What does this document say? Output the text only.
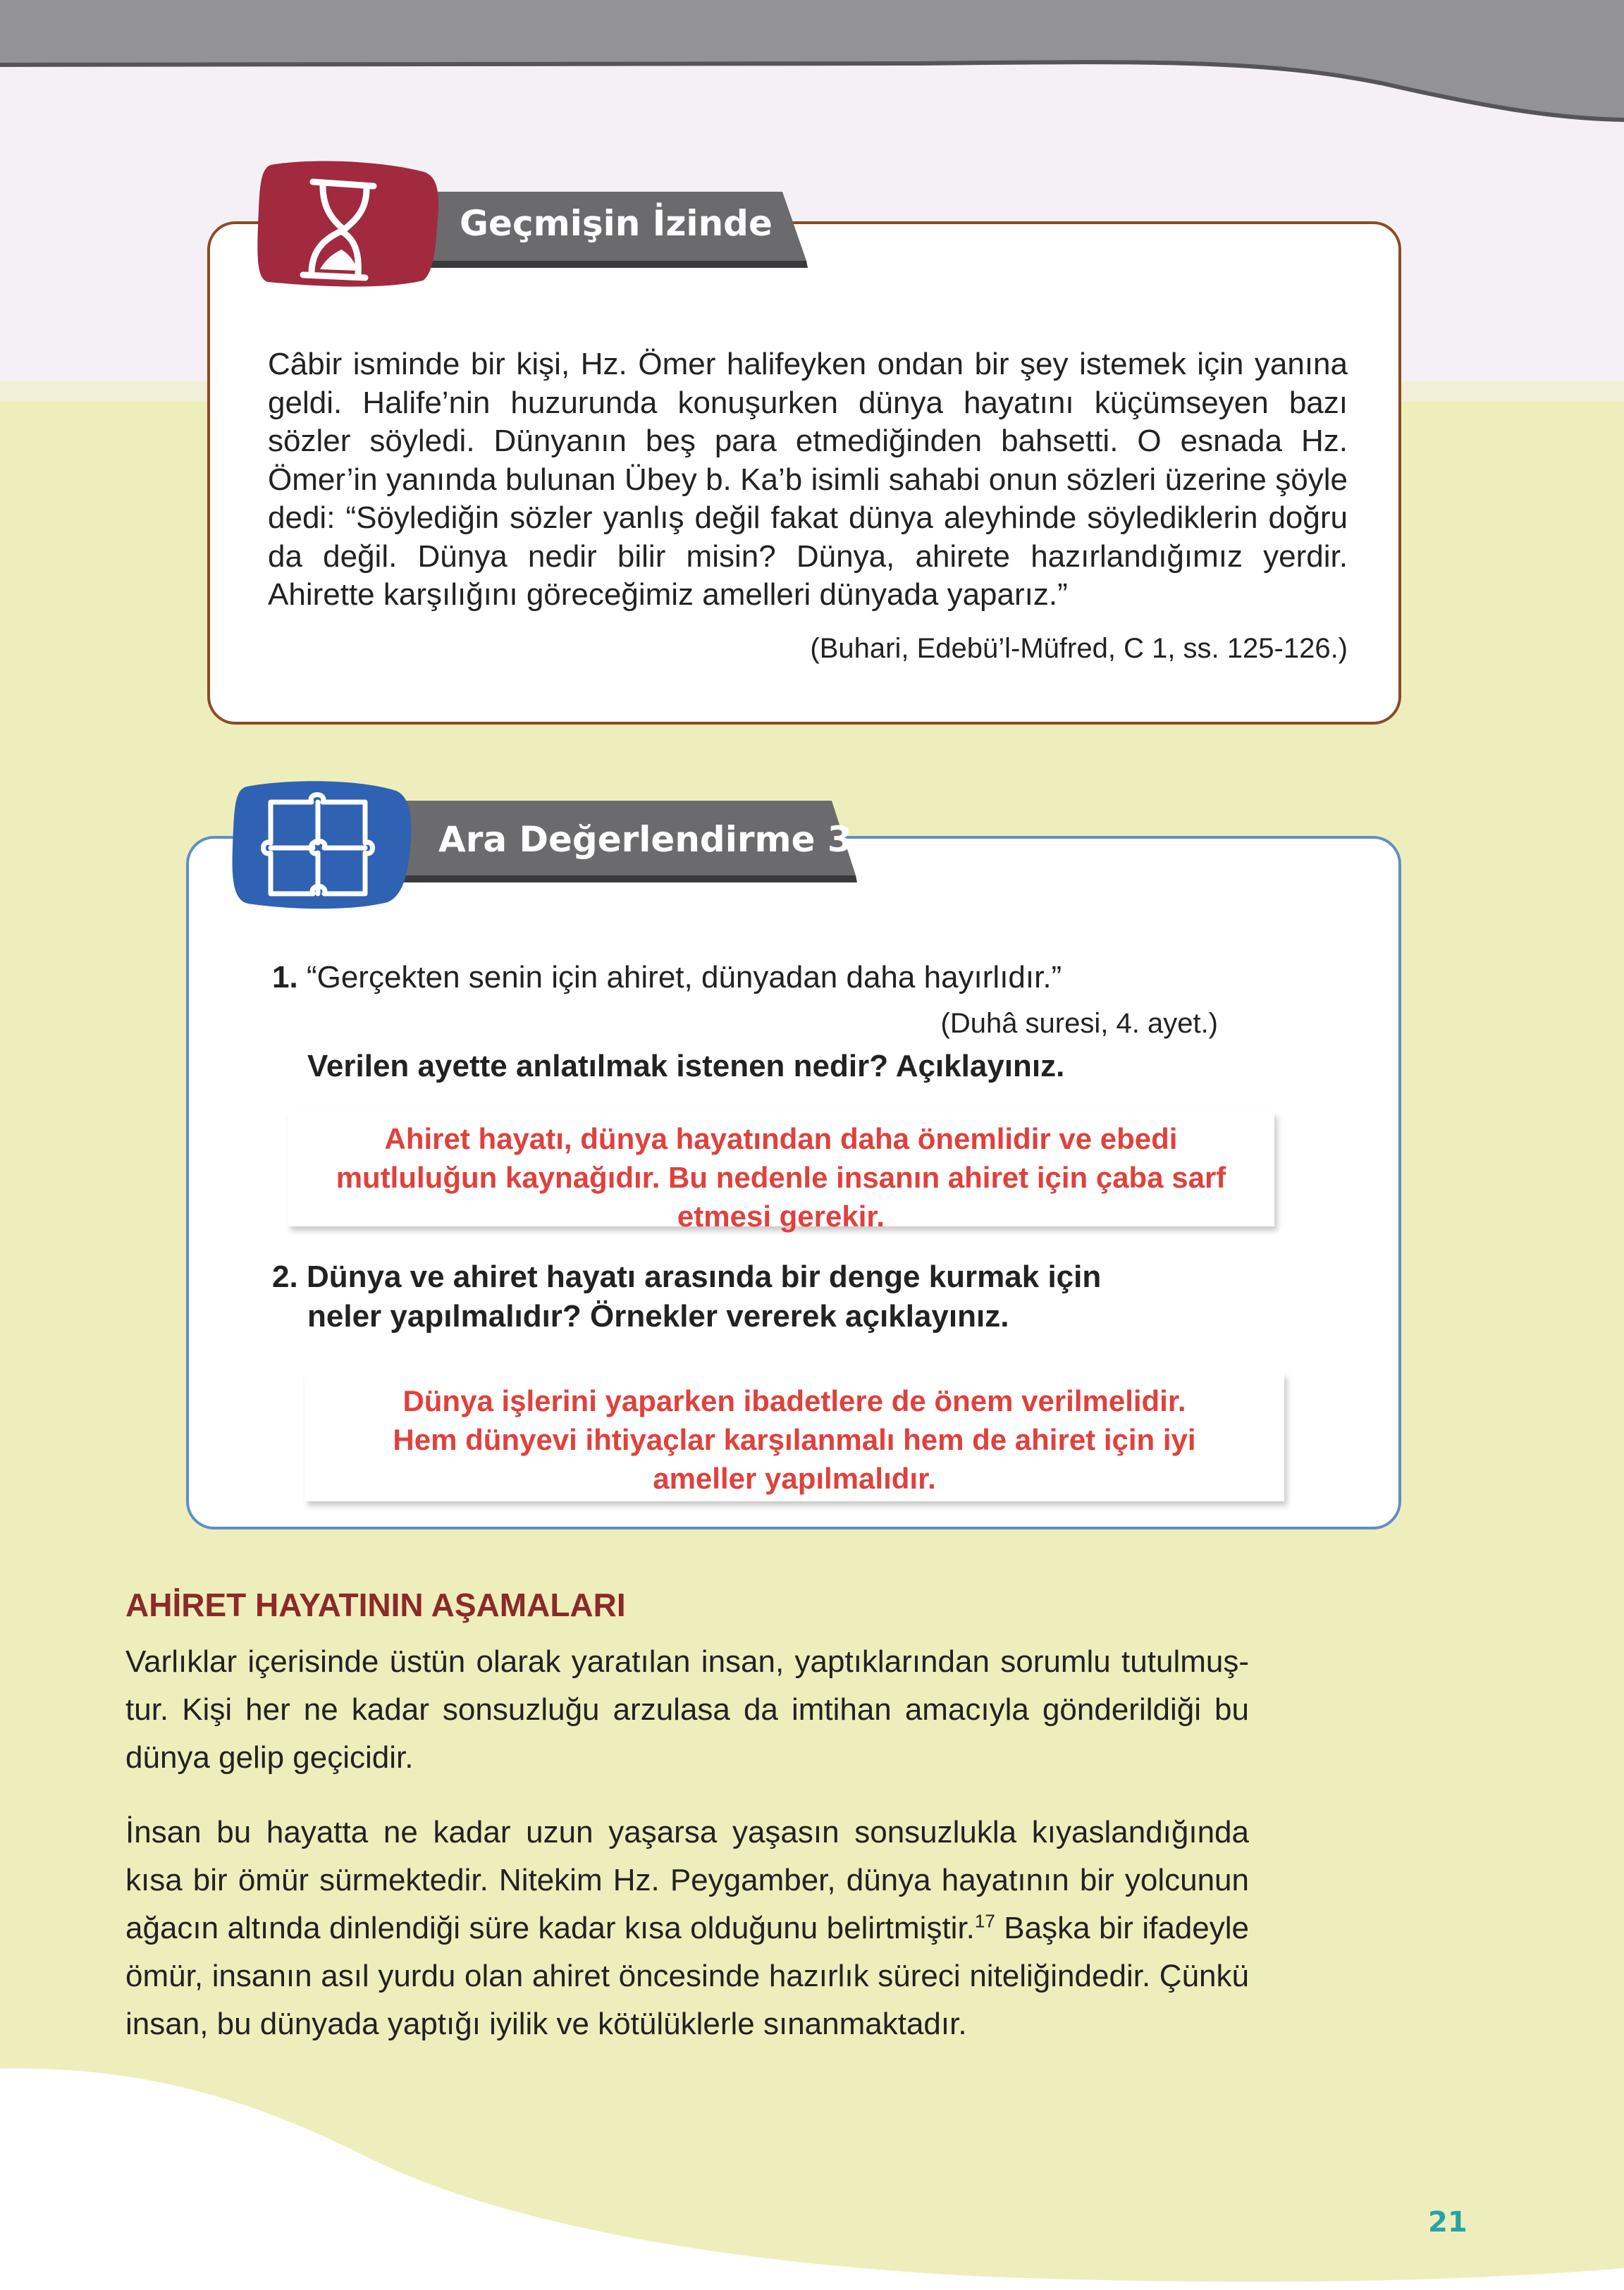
Câbir isminde bir kişi, Hz. Ömer halifeyken ondan bir şey istemek için yanına geldi. Halife’nin huzurunda konuşurken dünya hayatını küçümseyen bazı sözler söyledi. Dünyanın beş para etmediğinden bahsetti. O esnada Hz. Ömer’in yanında bulunan Übey b. Ka’b isimli sahabi onun sözleri üzerine şöyle dedi: “Söylediğin sözler yanlış değil fakat dünya aleyhinde söylediklerin doğru da değil. Dünya nedir bilir misin? Dünya, ahirete hazırlandığımız yerdir. Ahirette karşılığını göreceğimiz amelleri dünyada yaparız.”
(Buhari, Edebü’l-Müfred, C 1, ss. 125-126.)
Geçmişin İzinde
1. “Gerçekten senin için ahiret, dünyadan daha hayırlıdır.”
(Duhâ suresi, 4. ayet.)
Verilen ayette anlatılmak istenen nedir? Açıklayınız.
Ahiret hayatı, dünya hayatından daha önemlidir ve ebedi
mutluluğun kaynağıdır. Bu nedenle insanın ahiret için çaba sarf
etmesi gerekir.
2. Dünya ve ahiret hayatı arasında bir denge kurmak için
neler yapılmalıdır? Örnekler vererek açıklayınız.
Dünya işlerini yaparken ibadetlere de önem verilmelidir.
Hem dünyevi ihtiyaçlar karşılanmalı hem de ahiret için iyi
ameller yapılmalıdır.
Ara Değerlendirme 3
AHİRET HAYATININ AŞAMALARI
Varlıklar içerisinde üstün olarak yaratılan insan, yaptıklarından sorumlu tutulmuş- tur. Kişi her ne kadar sonsuzluğu arzulasa da imtihan amacıyla gönderildiği bu dünya gelip geçicidir.
İnsan bu hayatta ne kadar uzun yaşarsa yaşasın sonsuzlukla kıyaslandığında kısa bir ömür sürmektedir. Nitekim Hz. Peygamber, dünya hayatının bir yolcunun ağacın altında dinlendiği süre kadar kısa olduğunu belirtmiştir.$^{17}$ Başka bir ifadeyle ömür, insanın asıl yurdu olan ahiret öncesinde hazırlık süreci niteliğindedir. Çünkü insan, bu dünyada yaptığı iyilik ve kötülüklerle sınanmaktadır.
21
